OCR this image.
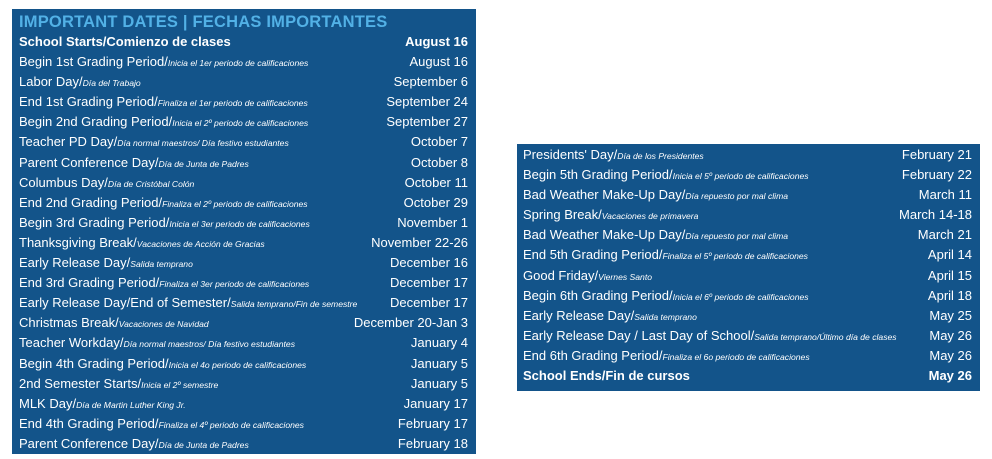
IMPORTANT DATES | FECHAS IMPORTANTES
School Starts/Comienzo de clases	August 16
Begin 1st Grading Period/Inicia el 1er periodo de calificaciones	August 16
Labor Day/Día del Trabajo	September 6
End 1st Grading Period/Finaliza el 1er periodo de calificaciones	September 24
Begin 2nd Grading Period/Inicia el 2º periodo de calificaciones	September 27
Teacher PD Day/Día normal maestros/ Día festivo estudiantes	October 7
Parent Conference Day/Día de Junta de Padres	October 8
Columbus Day/Día de Cristóbal Colón	October 11
End 2nd Grading Period/Finaliza el 2º periodo de calificaciones	October 29
Begin 3rd Grading Period/Inicia el 3er periodo de calificaciones	November 1
Thanksgiving Break/Vacaciones de Acción de Gracias	November 22-26
Early Release Day/Salida temprano	December 16
End 3rd Grading Period/Finaliza el 3er periodo de calificaciones	December 17
Early Release Day/End of Semester/Salida temprano/Fin de semestre	December 17
Christmas Break/Vacaciones de Navidad	December 20-Jan 3
Teacher Workday/Día normal maestros/ Día festivo estudiantes	January 4
Begin 4th Grading Period/Inicia el 4o periodo de calificaciones	January 5
2nd Semester Starts/Inicia el 2º semestre	January 5
MLK Day/Día de Martin Luther King Jr.	January 17
End 4th Grading Period/Finaliza el 4º periodo de calificaciones	February 17
Parent Conference Day/Día de Junta de Padres	February 18
Presidents' Day/Día de los Presidentes	February 21
Begin 5th Grading Period/Inicia el 5º periodo de calificaciones	February 22
Bad Weather Make-Up Day/Día repuesto por mal clima	March 11
Spring Break/Vacaciones de primavera	March 14-18
Bad Weather Make-Up Day/Día repuesto por mal clima	March 21
End 5th Grading Period/Finaliza el 5º periodo de calificaciones	April 14
Good Friday/Viernes Santo	April 15
Begin 6th Grading Period/Inicia el 6º periodo de calificaciones	April 18
Early Release Day/Salida temprano	May 25
Early Release Day / Last Day of School/Salida temprano/Último día de clases	May 26
End 6th Grading Period/Finaliza el 6o periodo de calificaciones	May 26
School Ends/Fin de cursos	May 26
